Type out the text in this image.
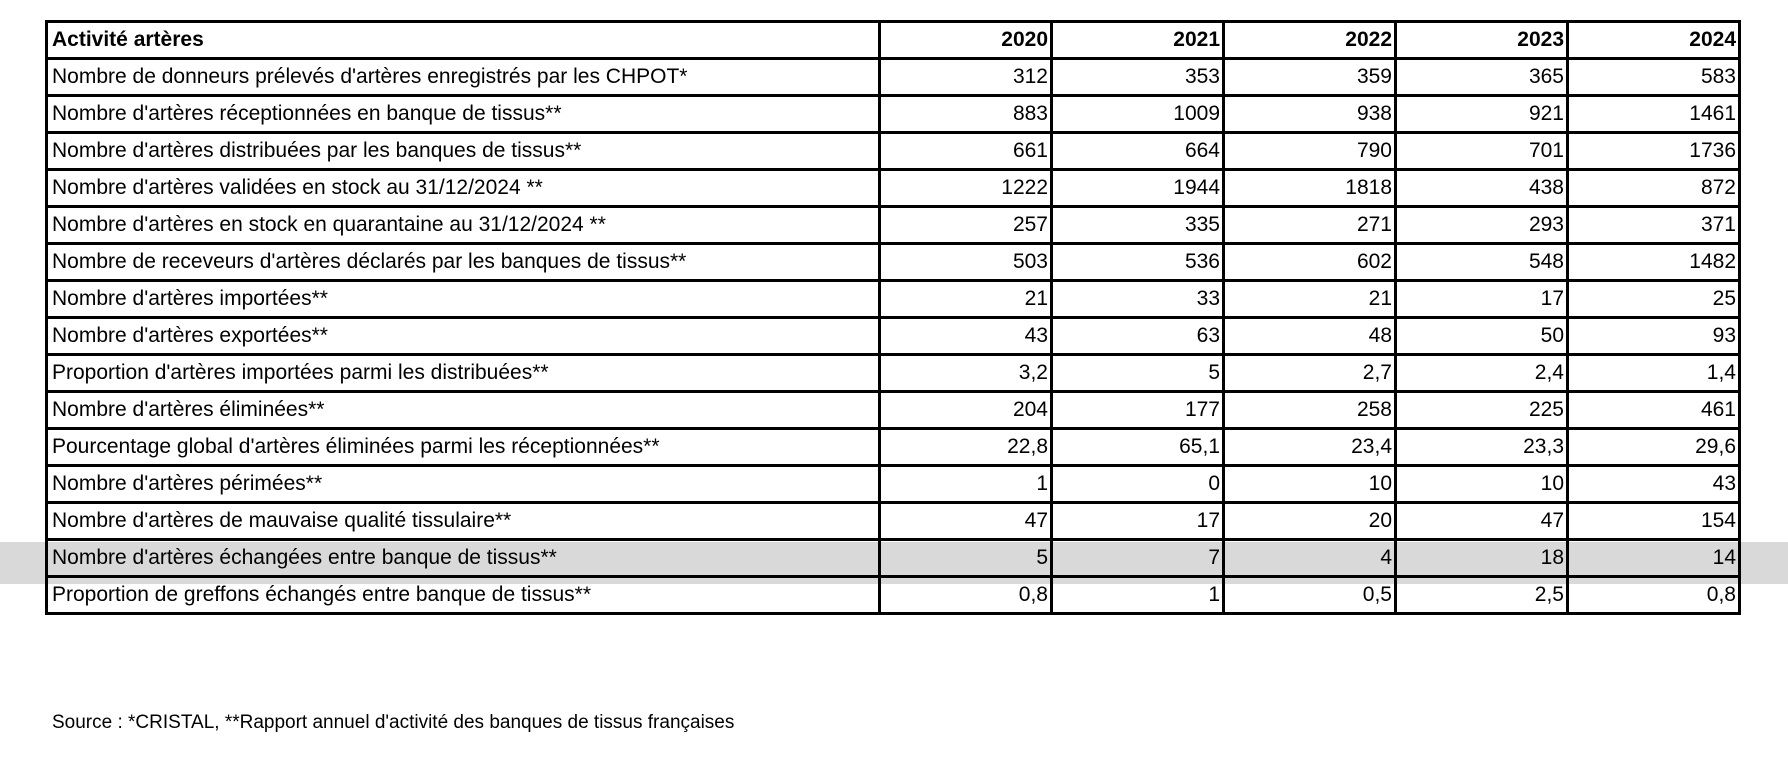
Activité artères	2020	2021	2022	2023	2024
Nombre de donneurs prélevés d'artères enregistrés par les CHPOT*	312	353	359	365	583
Nombre d'artères réceptionnées en banque de tissus**	883	1009	938	921	1461
Nombre d'artères distribuées par les banques de tissus**	661	664	790	701	1736
Nombre d'artères validées en stock au 31/12/2024 **	1222	1944	1818	438	872
Nombre d'artères en stock en quarantaine au 31/12/2024 **	257	335	271	293	371
Nombre de receveurs d'artères déclarés par les banques de tissus**	503	536	602	548	1482
Nombre d'artères importées**	21	33	21	17	25
Nombre d'artères exportées**	43	63	48	50	93
Proportion d'artères importées parmi les distribuées**	3,2	5	2,7	2,4	1,4
Nombre d'artères éliminées**	204	177	258	225	461
Pourcentage global d'artères éliminées parmi les réceptionnées**	22,8	65,1	23,4	23,3	29,6
Nombre d'artères périmées**	1	0	10	10	43
Nombre d'artères de mauvaise qualité tissulaire**	47	17	20	47	154
Nombre d'artères échangées entre banque de tissus**	5	7	4	18	14
Proportion de greffons échangés entre banque de tissus**	0,8	1	0,5	2,5	0,8
Source : *CRISTAL, **Rapport annuel d'activité des banques de tissus françaises
